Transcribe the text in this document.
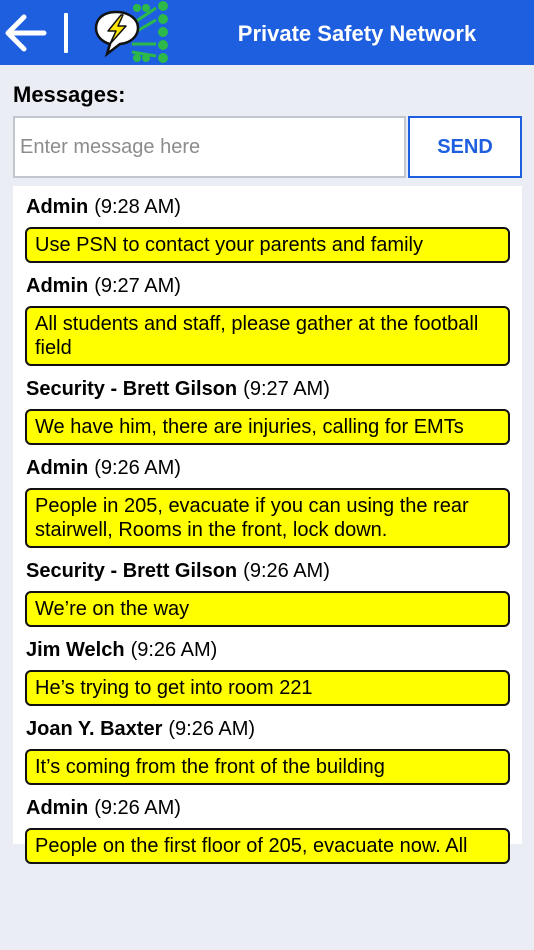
Private Safety Network
Messages:
Enter message here
SEND
Admin (9:28 AM)
Use PSN to contact your parents and family
Admin (9:27 AM)
All students and staff, please gather at the football field
Security - Brett Gilson (9:27 AM)
We have him, there are injuries, calling for EMTs
Admin (9:26 AM)
People in 205, evacuate if you can using the rear stairwell, Rooms in the front, lock down.
Security - Brett Gilson (9:26 AM)
We’re on the way
Jim Welch (9:26 AM)
He’s trying to get into room 221
Joan Y. Baxter (9:26 AM)
It’s coming from the front of the building
Admin (9:26 AM)
People on the first floor of 205, evacuate now. All
